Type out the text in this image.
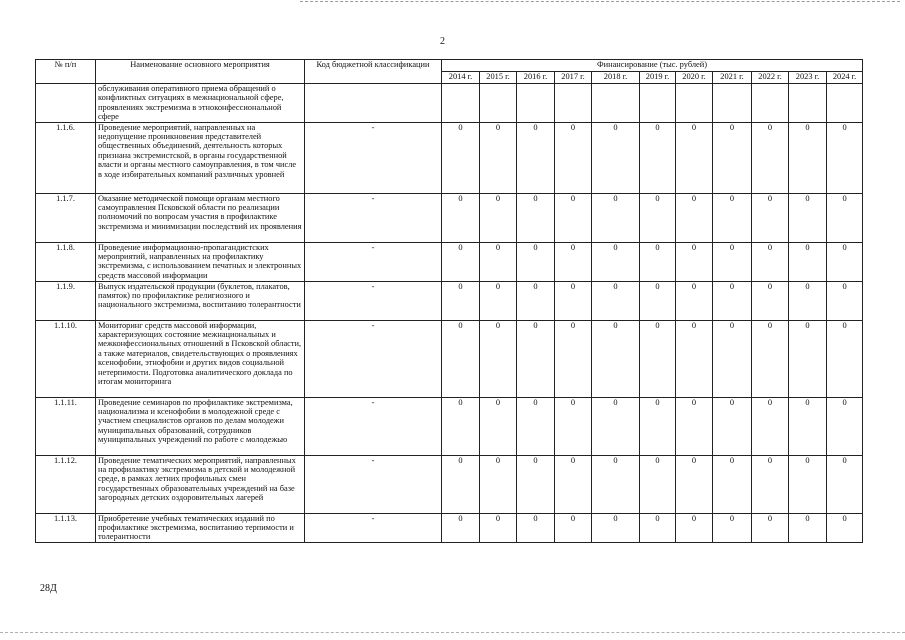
2
№ п/п	Наименование основного мероприятия	Код бюджетной классификации	Финансирование (тыс. рублей)										
			2014 г.	2015 г.	2016 г.	2017 г.	2018 г.	2019 г.	2020 г.	2021 г.	2022 г.	2023 г.	2024 г.
	обслуживания оперативного приема обращений о конфликтных ситуациях в межнациональной сфере, проявлениях экстремизма в этноконфессиональной сфере												
1.1.6.	Проведение мероприятий, направленных на недопущение проникновения представителей общественных объединений, деятельность которых признана экстремистской, в органы государственной власти и органы местного самоуправления, в том числе в ходе избирательных компаний различных уровней	-	0	0	0	0	0	0	0	0	0	0	0
1.1.7.	Оказание методической помощи органам местного самоуправления Псковской области по реализации полномочий по вопросам участия в профилактике экстремизма и минимизации последствий их проявления	-	0	0	0	0	0	0	0	0	0	0	0
1.1.8.	Проведение информационно-пропагандистских мероприятий, направленных на профилактику экстремизма, с использованием печатных и электронных средств массовой информации	-	0	0	0	0	0	0	0	0	0	0	0
1.1.9.	Выпуск издательской продукции (буклетов, плакатов, памяток) по профилактике религиозного и национального экстремизма, воспитанию толерантности	-	0	0	0	0	0	0	0	0	0	0	0
1.1.10.	Мониторинг средств массовой информации, характеризующих состояние межнациональных и межконфессиональных отношений в Псковской области, а также материалов, свидетельствующих о проявлениях ксенофобии, этнофобии и других видов социальной нетерпимости. Подготовка аналитического доклада по итогам мониторинга	-	0	0	0	0	0	0	0	0	0	0	0
1.1.11.	Проведение семинаров по профилактике экстремизма, национализма и ксенофобии в молодежной среде с участием специалистов органов по делам молодежи муниципальных образований, сотрудников муниципальных учреждений по работе с молодежью	-	0	0	0	0	0	0	0	0	0	0	0
1.1.12.	Проведение тематических мероприятий, направленных на профилактику экстремизма в детской и молодежной среде, в рамках летних профильных смен государственных образовательных учреждений на базе загородных детских оздоровительных лагерей	-	0	0	0	0	0	0	0	0	0	0	0
1.1.13.	Приобретение учебных тематических изданий по профилактике экстремизма, воспитанию терпимости и толерантности	-	0	0	0	0	0	0	0	0	0	0	0
28Д
